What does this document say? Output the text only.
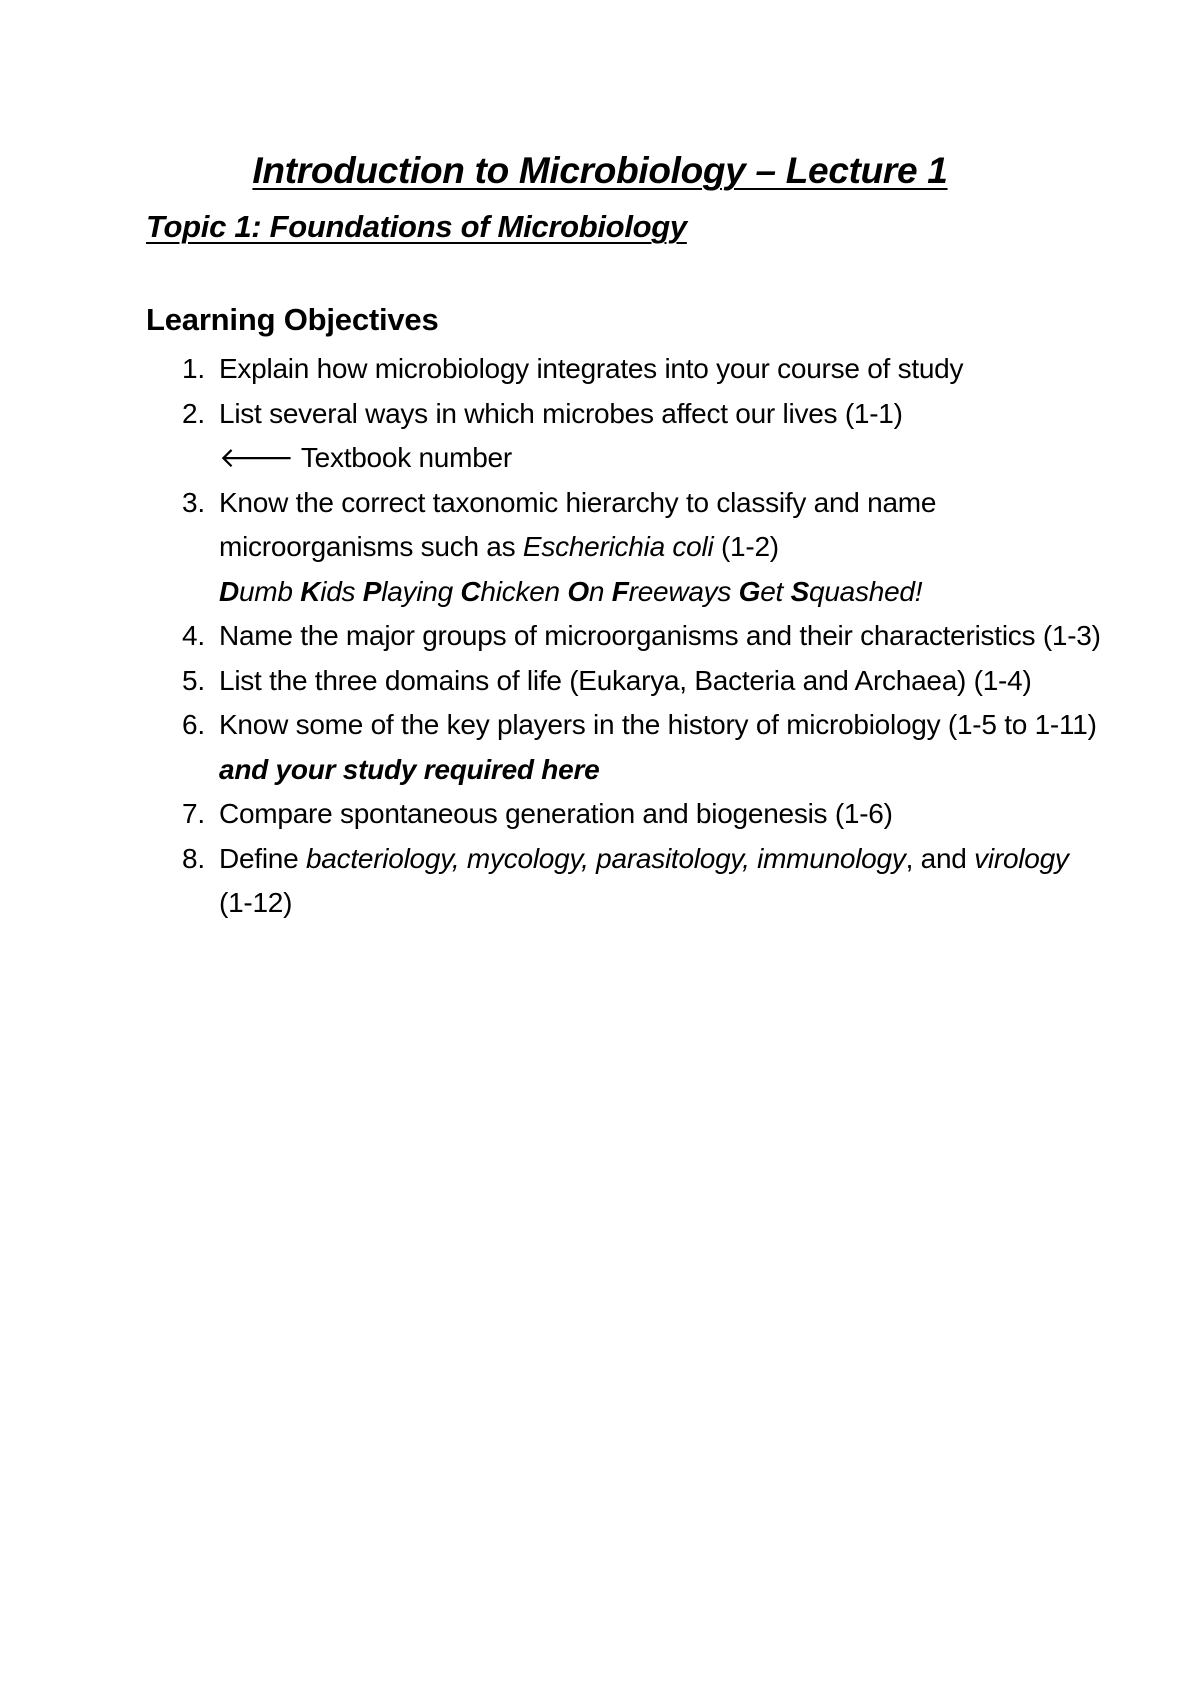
Introduction to Microbiology – Lecture 1
Topic 1: Foundations of Microbiology
Learning Objectives
1. Explain how microbiology integrates into your course of study
2. List several ways in which microbes affect our lives (1-1)
🡐 Textbook number
3. Know the correct taxonomic hierarchy to classify and name microorganisms such as Escherichia coli (1-2)
Dumb Kids Playing Chicken On Freeways Get Squashed!
4. Name the major groups of microorganisms and their characteristics (1-3)
5. List the three domains of life (Eukarya, Bacteria and Archaea) (1-4)
6. Know some of the key players in the history of microbiology (1-5 to 1-11) and your study required here
7. Compare spontaneous generation and biogenesis (1-6)
8. Define bacteriology, mycology, parasitology, immunology, and virology (1-12)
